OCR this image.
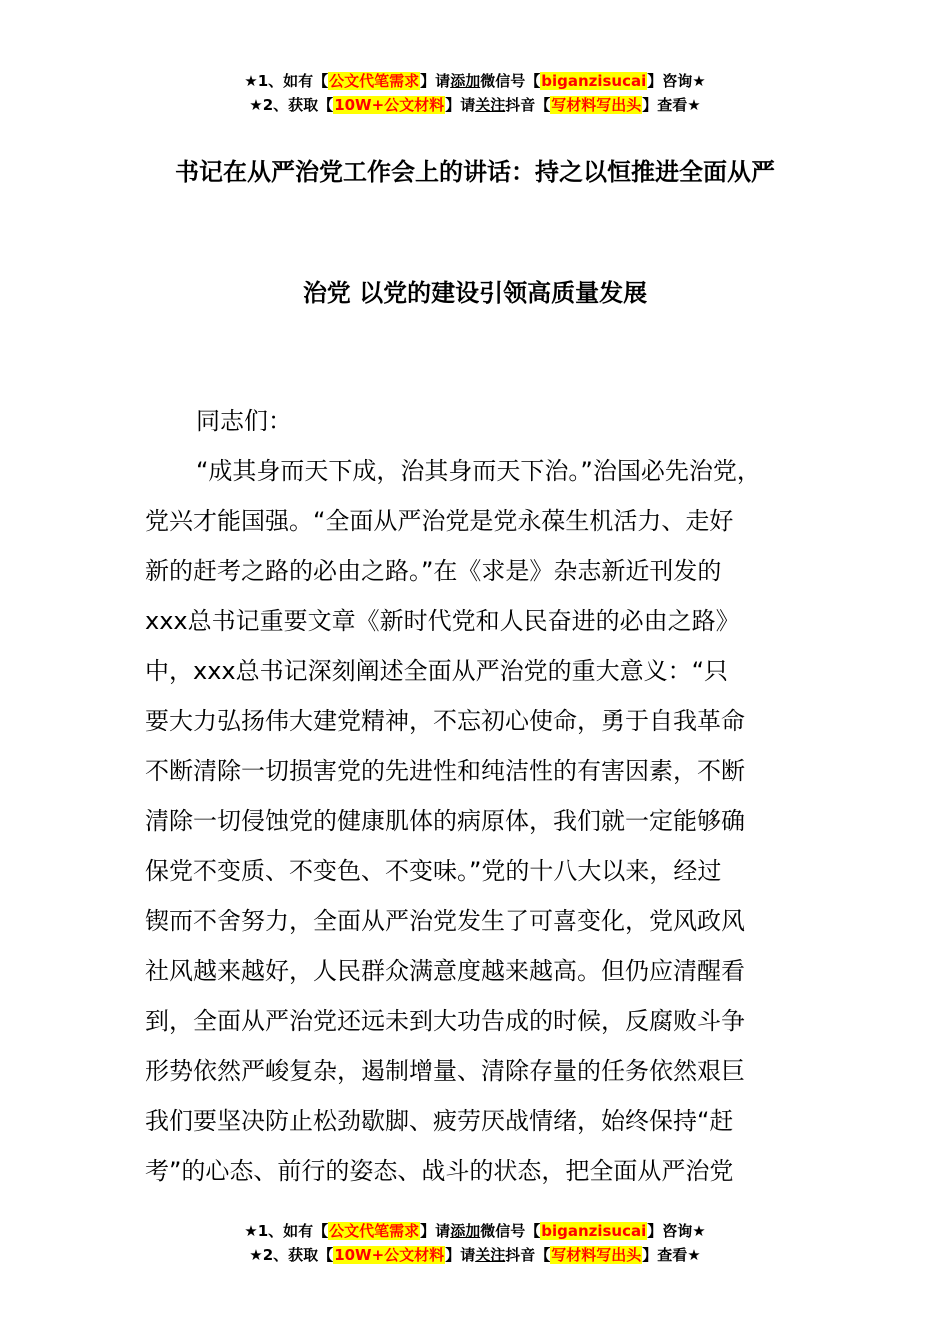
★1、如有【公文代笔需求】请添加微信号【biganzisucai】咨询★
★2、获取【10W+公文材料】请关注抖音【写材料写出头】查看★
书记在从严治党工作会上的讲话：持之以恒推进全面从严
治党 以党的建设引领高质量发展
同志们：
“成其身而天下成，治其身而天下治。”治国必先治党，
党兴才能国强。“全面从严治党是党永葆生机活力、走好
新的赶考之路的必由之路。”在《求是》杂志新近刊发的
xxx总书记重要文章《新时代党和人民奋进的必由之路》
中，xxx总书记深刻阐述全面从严治党的重大意义：“只
要大力弘扬伟大建党精神，不忘初心使命，勇于自我革命
不断清除一切损害党的先进性和纯洁性的有害因素，不断
清除一切侵蚀党的健康肌体的病原体，我们就一定能够确
保党不变质、不变色、不变味。”党的十八大以来，经过
锲而不舍努力，全面从严治党发生了可喜变化，党风政风
社风越来越好，人民群众满意度越来越高。但仍应清醒看
到，全面从严治党还远未到大功告成的时候，反腐败斗争
形势依然严峻复杂，遏制增量、清除存量的任务依然艰巨
我们要坚决防止松劲歇脚、疲劳厌战情绪，始终保持“赶
考”的心态、前行的姿态、战斗的状态，把全面从严治党
★1、如有【公文代笔需求】请添加微信号【biganzisucai】咨询★
★2、获取【10W+公文材料】请关注抖音【写材料写出头】查看★
